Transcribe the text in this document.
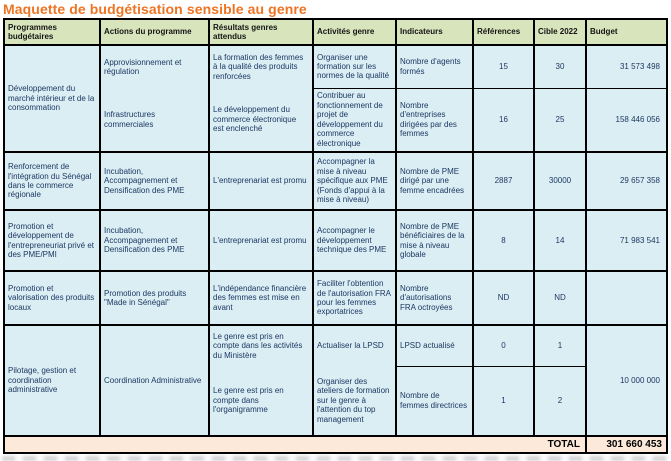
Maquette de budgétisation sensible au genre
Programmes budgétaires	Actions du programme	Résultats genres attendus	Activités genre	Indicateurs	Références	Cible 2022	Budget
Développement du marché intérieur et de la consommation	Approvisionnement et régulation	La formation des femmes à la qualité des produits renforcées	Organiser une formation sur les normes de la qualité	Nombre d'agents formés	15	30	31 573 498
	Infrastructures commerciales	Le développement du commerce électronique est enclenché	Contribuer au fonctionnement de projet de développement du commerce électronique	Nombre d'entreprises dirigées par des femmes	16	25	158 446 056
Renforcement de l'intégration du Sénégal dans le commerce régionale	Incubation, Accompagnement et Densification des PME	L'entreprenariat est promu	Accompagner la mise à niveau spécifique aux PME (Fonds d'appui à la mise à niveau)	Nombre de PME dirigé par une femme encadrées	2887	30000	29 657 358
Promotion et développement de l'entrepreneuriat privé et des PME/PMI	Incubation, Accompagnement et Densification des PME	L'entreprenariat est promu	Accompagner le développement technique des PME	Nombre de PME bénéficiaires de la mise à niveau globale	8	14	71 983 541
Promotion et valorisation des produits locaux	Promotion des produits "Made in Sénégal"	L'indépendance financière des femmes est mise en avant	Faciliter l'obtention de l'autorisation FRA pour les femmes exportatrices	Nombre d'autorisations FRA octroyées	ND	ND	
Pilotage, gestion et coordination administrative	Coordination Administrative	Le genre est pris en compte dans les activités du Ministère	Actualiser la LPSD	LPSD actualisé	0	1	10 000 000
		Le genre est pris en compte dans l'organigramme	Organiser des ateliers de formation sur le genre à l'attention du top management	Nombre de femmes directrices	1	2	
TOTAL							301 660 453
